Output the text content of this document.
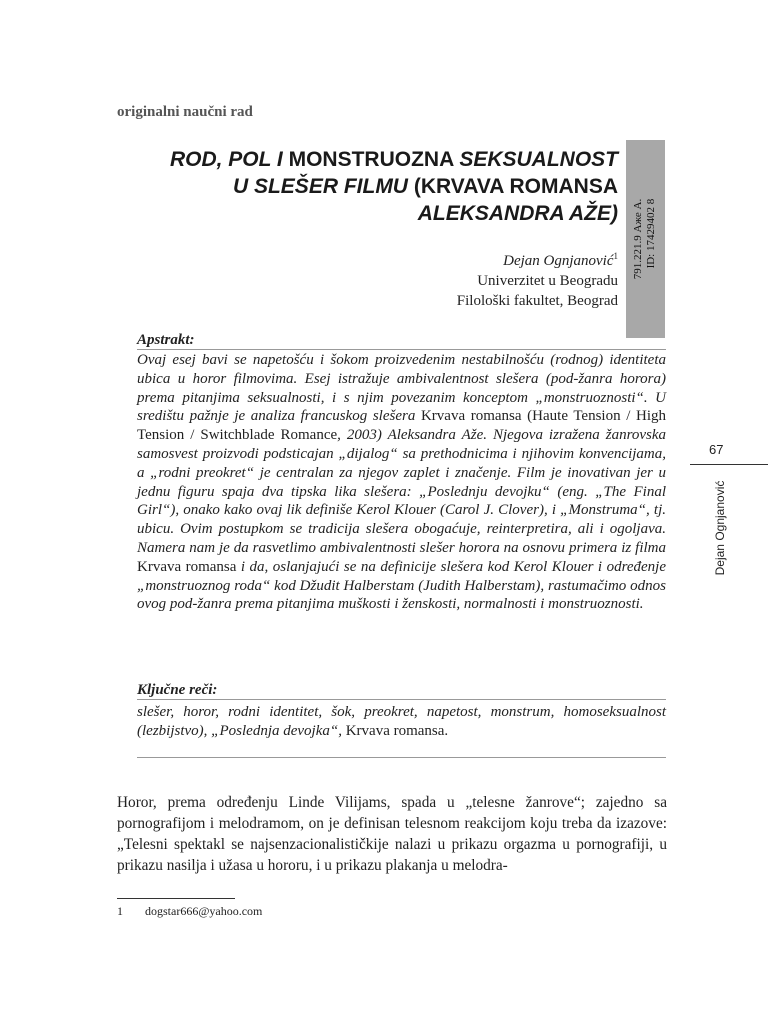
originalni naučni rad
ROD, POL I MONSTRUOZNA SEKSUALNOST
U SLEŠER FILMU (KRVAVA ROMANSA
ALEKSANDRA AŽE)
Dejan Ognjanović$^1$
Univerzitet u Beogradu
Filološki fakultet, Beograd
791.221.9 Аже А. ID: 17429402 8
Apstrakt:
Ovaj esej bavi se napetošću i šokom proizvedenim nestabilnošću (rodnog) identiteta ubica u horor filmovima. Esej istražuje ambivalentnost slešera (pod-žanra horora) prema pitanjima seksualnosti, i s njim povezanim konceptom „monstruoznosti“. U središtu pažnje je analiza francuskog slešera Krvava romansa (Haute Tension / High Tension / Switchblade Romance, 2003) Aleksandra Aže. Njegova izražena žanrovska samosvest proizvodi podsticajan „dijalog“ sa prethodnicima i njihovim konvencijama, a „rodni preokret“ je centralan za njegov zaplet i značenje. Film je inovativan jer u jednu figuru spaja dva tipska lika slešera: „Poslednju devojku“ (eng. „The Final Girl“), onako kako ovaj lik definiše Kerol Klouer (Carol J. Clover), i „Monstruma“, tj. ubicu. Ovim postupkom se tradicija slešera obogaćuje, reinterpretira, ali i ogoljava. Namera nam je da rasvetlimo ambivalentnosti slešer horora na osnovu primera iz filma Krvava romansa i da, oslanjajući se na definicije slešera kod Kerol Klouer i određenje „monstruoznog roda“ kod Džudit Halberstam (Judith Halberstam), rastumačimo odnos ovog pod-žanra prema pitanjima muškosti i ženskosti, normalnosti i monstruoznosti.
Ključne reči:
slešer, horor, rodni identitet, šok, preokret, napetost, monstrum, homoseksualnost (lezbijstvo), „Poslednja devojka“, Krvava romansa.
Horor, prema određenju Linde Vilijams, spada u „telesne žanrove“; zajedno sa pornografijom i melodramom, on je definisan telesnom reakcijom koju treba da izazove: „Telesni spektakl se najsenzacionalističkije nalazi u prikazu orgazma u pornografiji, u prikazu nasilja i užasa u hororu, i u prikazu plakanja u melodra-
1 dogstar666@yahoo.com
67
Dejan Ognjanović
